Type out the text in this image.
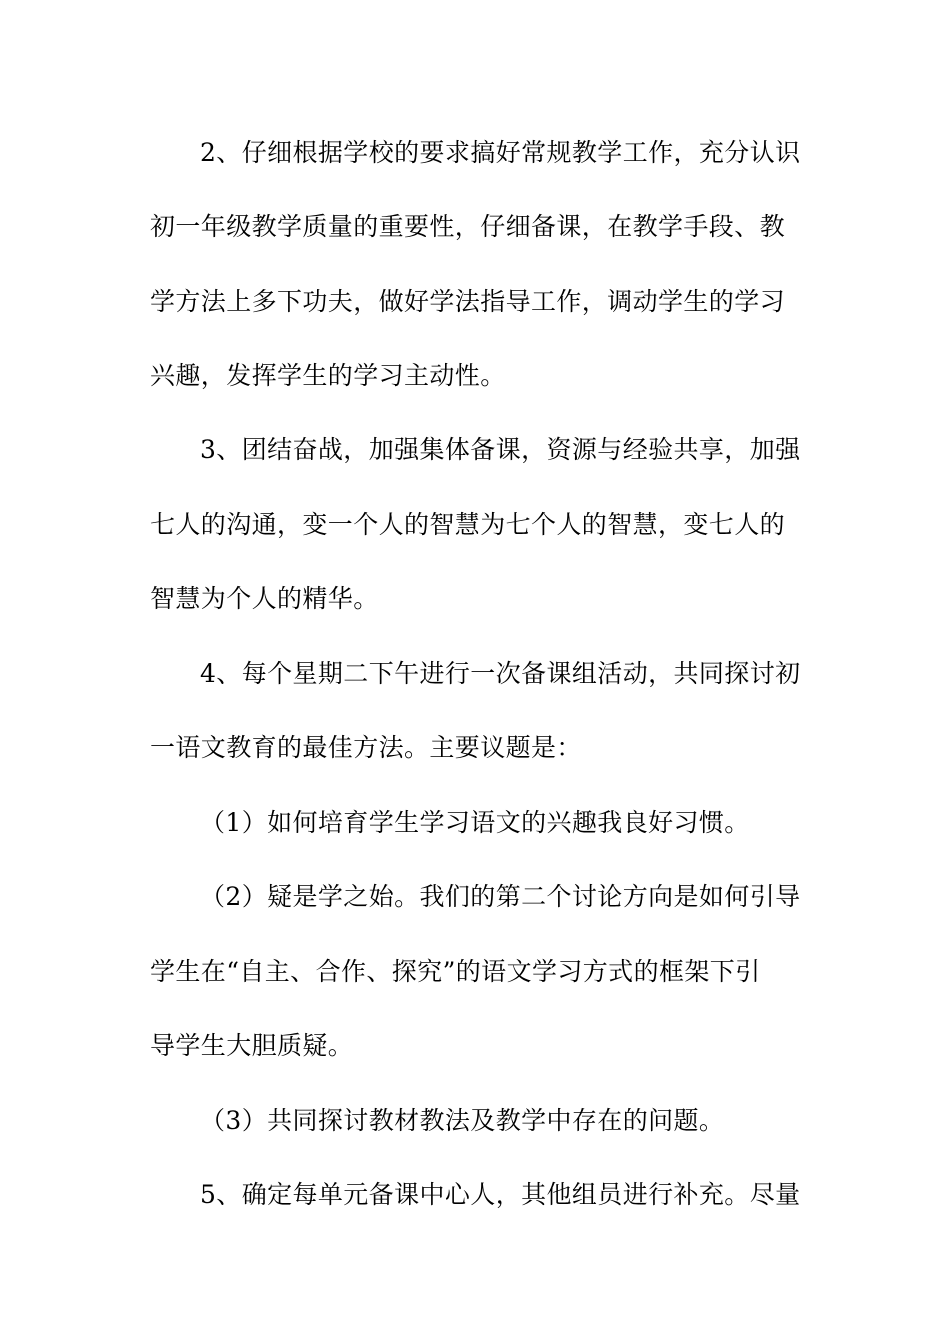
2、仔细根据学校的要求搞好常规教学工作，充分认识
初一年级教学质量的重要性，仔细备课，在教学手段、教
学方法上多下功夫，做好学法指导工作，调动学生的学习
兴趣，发挥学生的学习主动性。
3、团结奋战，加强集体备课，资源与经验共享，加强
七人的沟通，变一个人的智慧为七个人的智慧，变七人的
智慧为个人的精华。
4、每个星期二下午进行一次备课组活动，共同探讨初
一语文教育的最佳方法。主要议题是：
（1）如何培育学生学习语文的兴趣我良好习惯。
（2）疑是学之始。我们的第二个讨论方向是如何引导
学生在“自主、合作、探究”的语文学习方式的框架下引
导学生大胆质疑。
（3）共同探讨教材教法及教学中存在的问题。
5、确定每单元备课中心人，其他组员进行补充。尽量
